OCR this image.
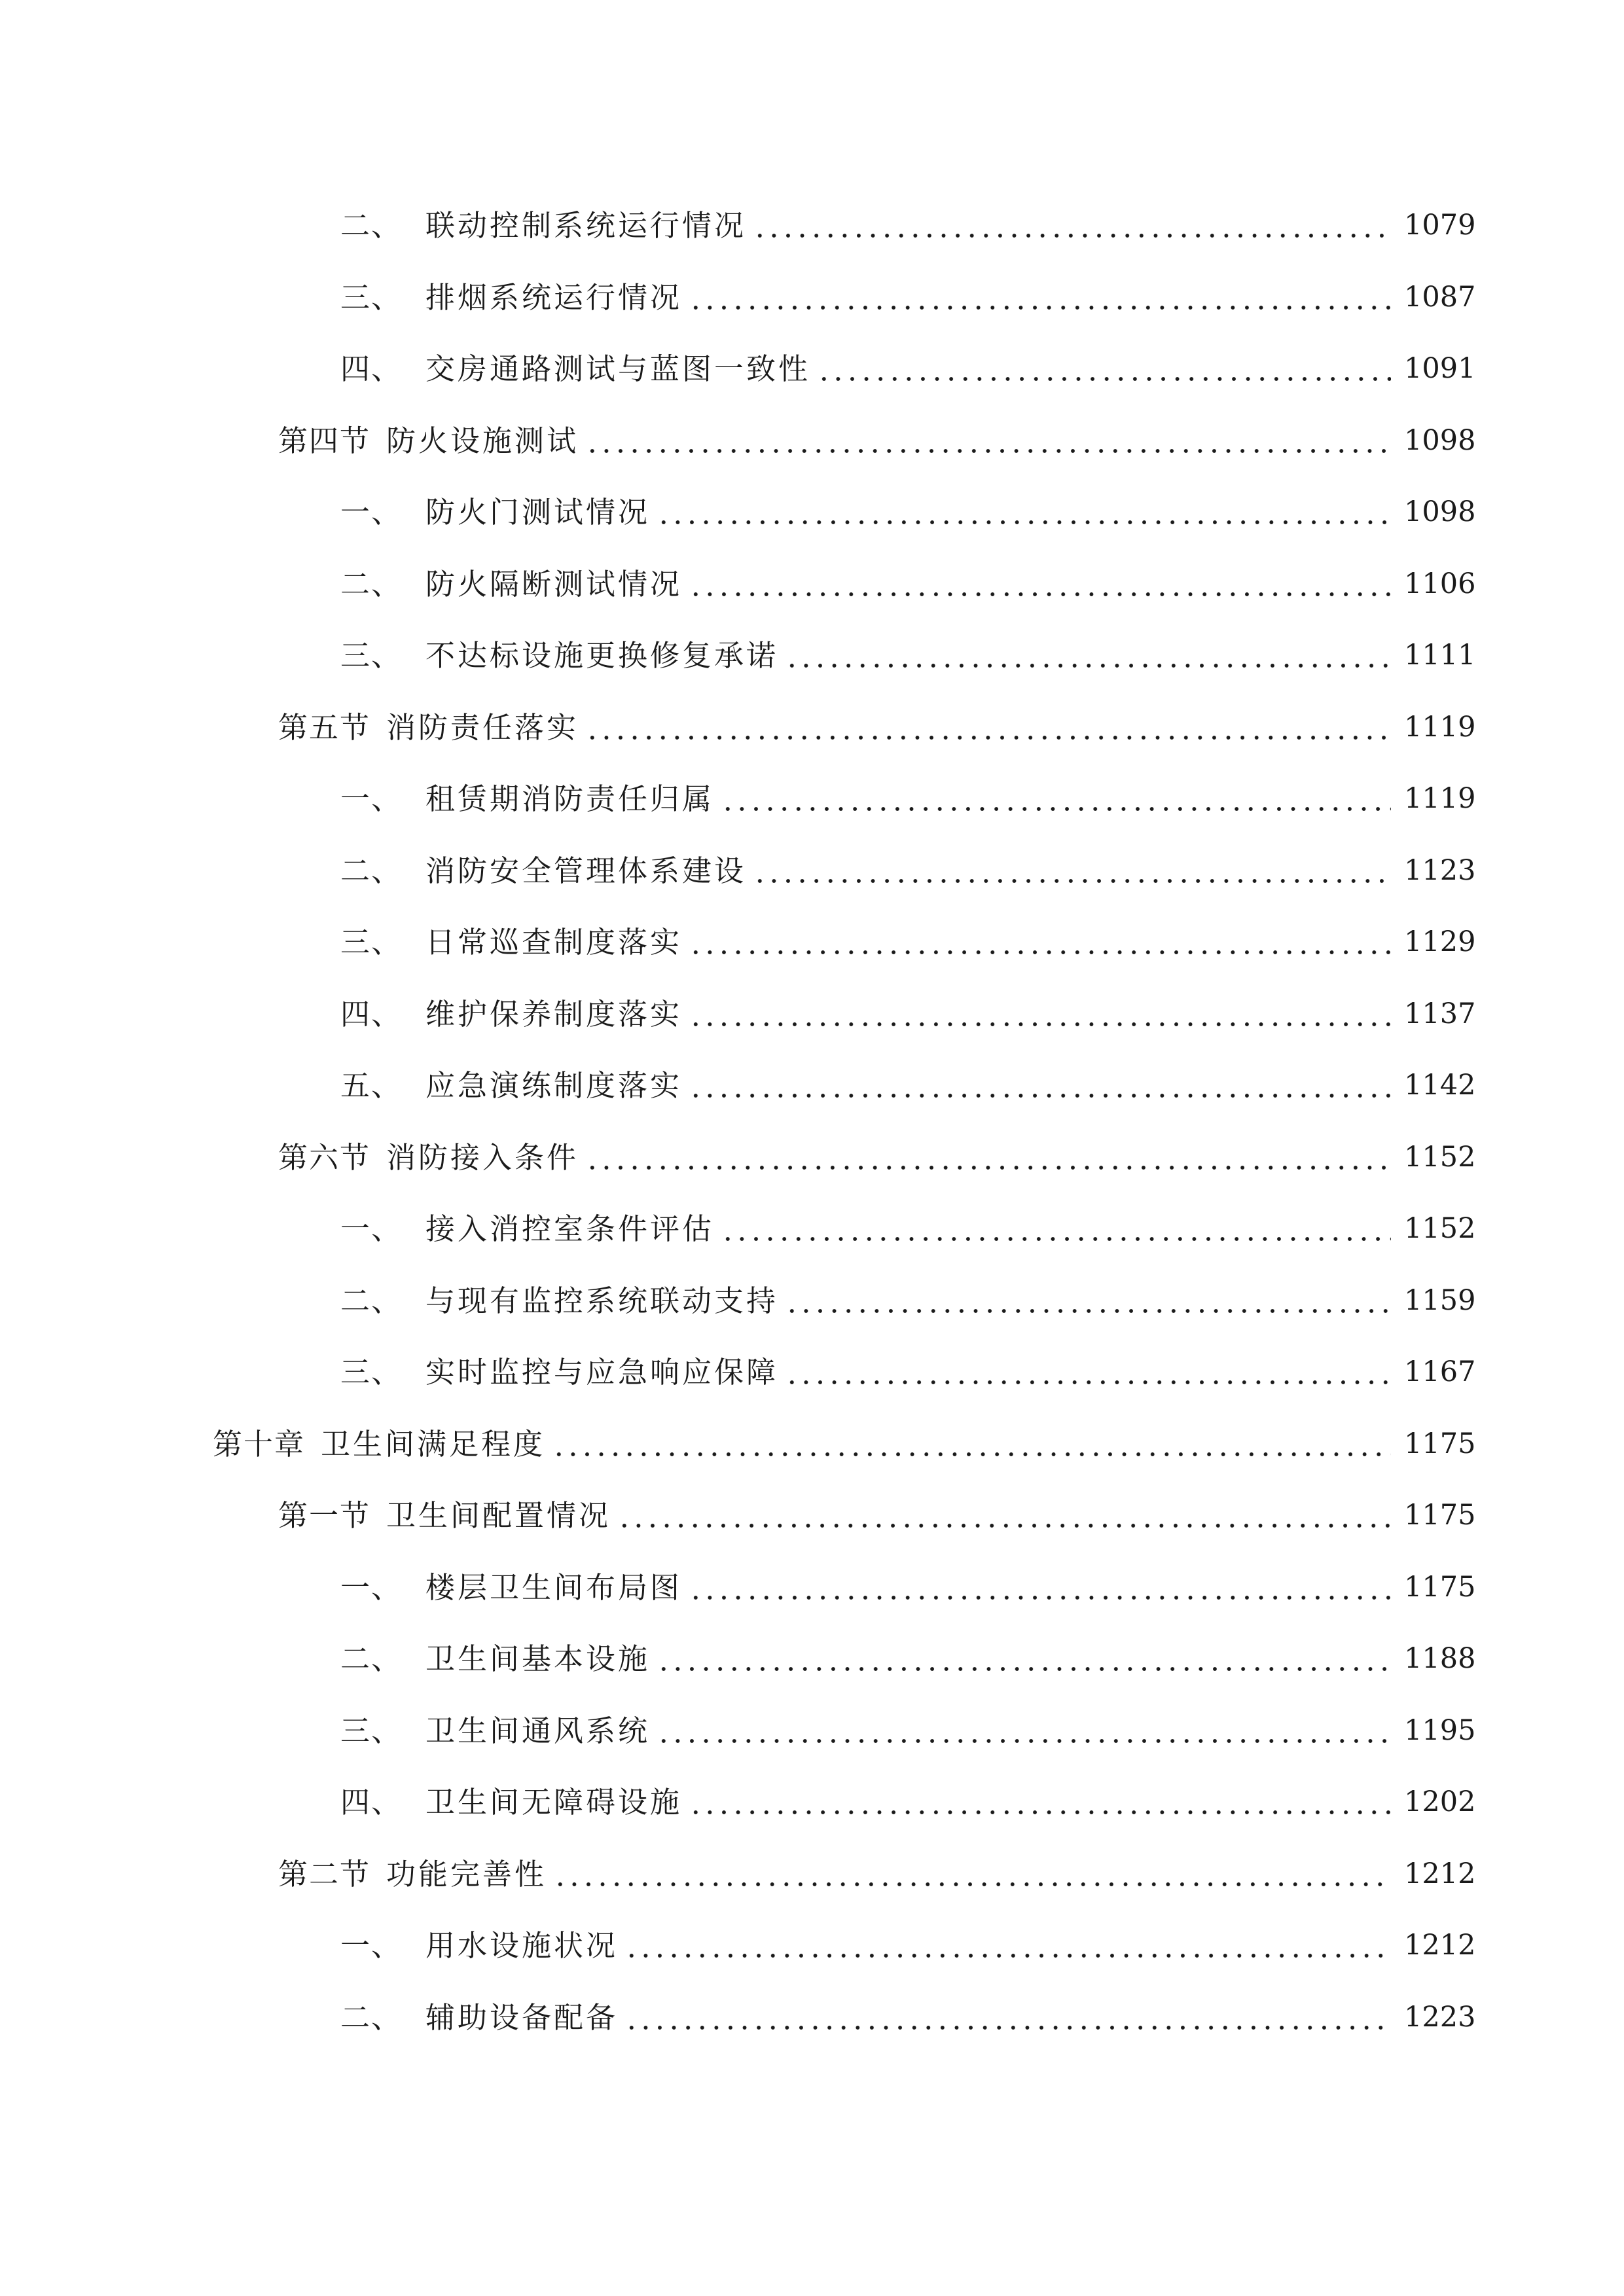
二、 联动控制系统运行情况	1079
三、 排烟系统运行情况	1087
四、 交房通路测试与蓝图一致性	1091
第四节 防火设施测试	1098
一、 防火门测试情况	1098
二、 防火隔断测试情况	1106
三、 不达标设施更换修复承诺	1111
第五节 消防责任落实	1119
一、 租赁期消防责任归属	1119
二、 消防安全管理体系建设	1123
三、 日常巡查制度落实	1129
四、 维护保养制度落实	1137
五、 应急演练制度落实	1142
第六节 消防接入条件	1152
一、 接入消控室条件评估	1152
二、 与现有监控系统联动支持	1159
三、 实时监控与应急响应保障	1167
第十章 卫生间满足程度	1175
第一节 卫生间配置情况	1175
一、 楼层卫生间布局图	1175
二、 卫生间基本设施	1188
三、 卫生间通风系统	1195
四、 卫生间无障碍设施	1202
第二节 功能完善性	1212
一、 用水设施状况	1212
二、 辅助设备配备	1223
